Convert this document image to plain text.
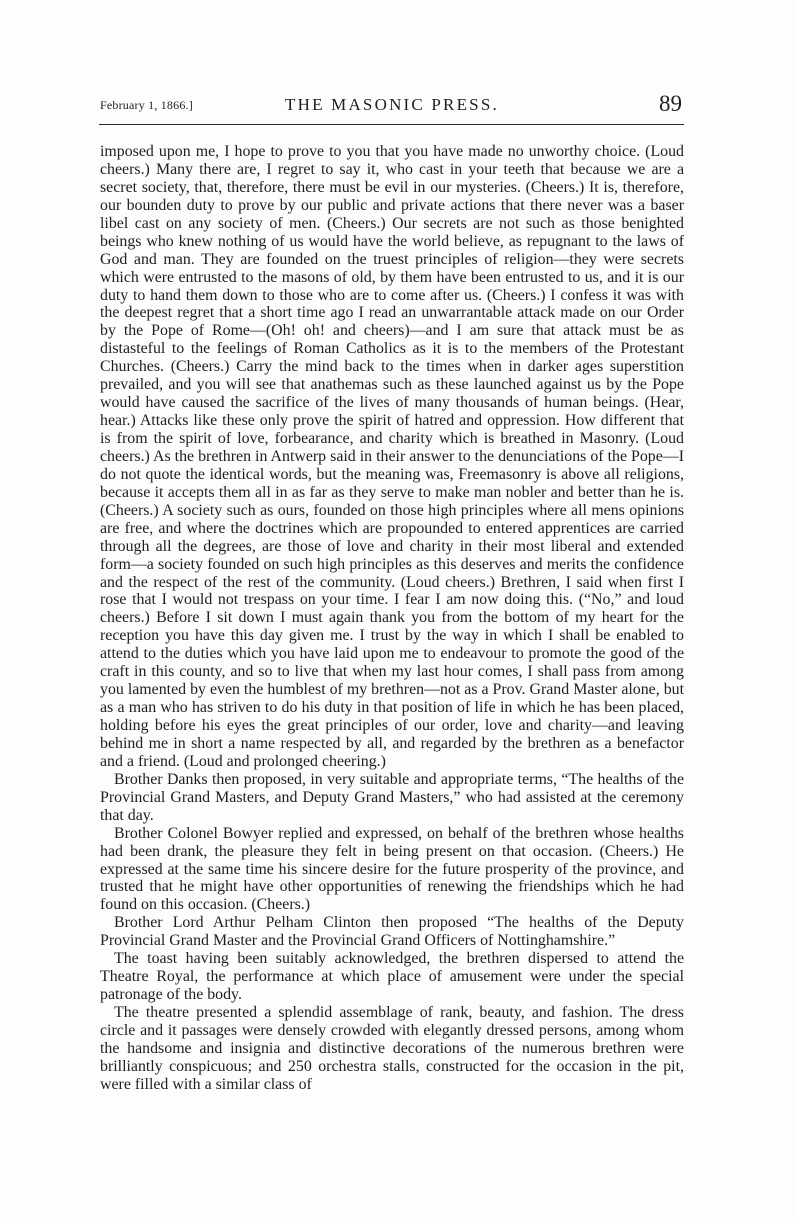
February 1, 1866.]	THE MASONIC PRESS.	89

imposed upon me, I hope to prove to you that you have made no unworthy choice. (Loud cheers.) Many there are, I regret to say it, who cast in your teeth that because we are a secret society, that, therefore, there must be evil in our mysteries. (Cheers.) It is, therefore, our bounden duty to prove by our public and private actions that there never was a baser libel cast on any society of men. (Cheers.) Our secrets are not such as those benighted beings who knew nothing of us would have the world believe, as repugnant to the laws of God and man. They are founded on the truest principles of religion—they were secrets which were entrusted to the masons of old, by them have been entrusted to us, and it is our duty to hand them down to those who are to come after us. (Cheers.) I confess it was with the deepest regret that a short time ago I read an unwarrantable attack made on our Order by the Pope of Rome—(Oh! oh! and cheers)—and I am sure that attack must be as distasteful to the feelings of Roman Catholics as it is to the members of the Protestant Churches. (Cheers.) Carry the mind back to the times when in darker ages superstition prevailed, and you will see that anathemas such as these launched against us by the Pope would have caused the sacrifice of the lives of many thousands of human beings. (Hear, hear.) Attacks like these only prove the spirit of hatred and oppression. How different that is from the spirit of love, forbearance, and charity which is breathed in Masonry. (Loud cheers.) As the brethren in Antwerp said in their answer to the denunciations of the Pope—I do not quote the identical words, but the meaning was, Freemasonry is above all religions, because it accepts them all in as far as they serve to make man nobler and better than he is. (Cheers.) A society such as ours, founded on those high principles where all mens opinions are free, and where the doctrines which are propounded to entered apprentices are carried through all the degrees, are those of love and charity in their most liberal and extended form—a society founded on such high principles as this deserves and merits the confidence and the respect of the rest of the community. (Loud cheers.) Brethren, I said when first I rose that I would not trespass on your time. I fear I am now doing this. (“No,” and loud cheers.) Before I sit down I must again thank you from the bottom of my heart for the reception you have this day given me. I trust by the way in which I shall be enabled to attend to the duties which you have laid upon me to endeavour to promote the good of the craft in this county, and so to live that when my last hour comes, I shall pass from among you lamented by even the humblest of my brethren—not as a Prov. Grand Master alone, but as a man who has striven to do his duty in that position of life in which he has been placed, holding before his eyes the great principles of our order, love and charity—and leaving behind me in short a name respected by all, and regarded by the brethren as a benefactor and a friend. (Loud and prolonged cheering.)

Brother Danks then proposed, in very suitable and appropriate terms, “The healths of the Provincial Grand Masters, and Deputy Grand Masters,” who had assisted at the ceremony that day.

Brother Colonel Bowyer replied and expressed, on behalf of the brethren whose healths had been drank, the pleasure they felt in being present on that occasion. (Cheers.) He expressed at the same time his sincere desire for the future prosperity of the province, and trusted that he might have other opportunities of renewing the friendships which he had found on this occasion. (Cheers.)

Brother Lord Arthur Pelham Clinton then proposed “The healths of the Deputy Provincial Grand Master and the Provincial Grand Officers of Nottinghamshire.”

The toast having been suitably acknowledged, the brethren dispersed to attend the Theatre Royal, the performance at which place of amusement were under the special patronage of the body.

The theatre presented a splendid assemblage of rank, beauty, and fashion. The dress circle and it passages were densely crowded with elegantly dressed persons, among whom the handsome and insignia and distinctive decorations of the numerous brethren were brilliantly conspicuous; and 250 orchestra stalls, constructed for the occasion in the pit, were filled with a similar class of
